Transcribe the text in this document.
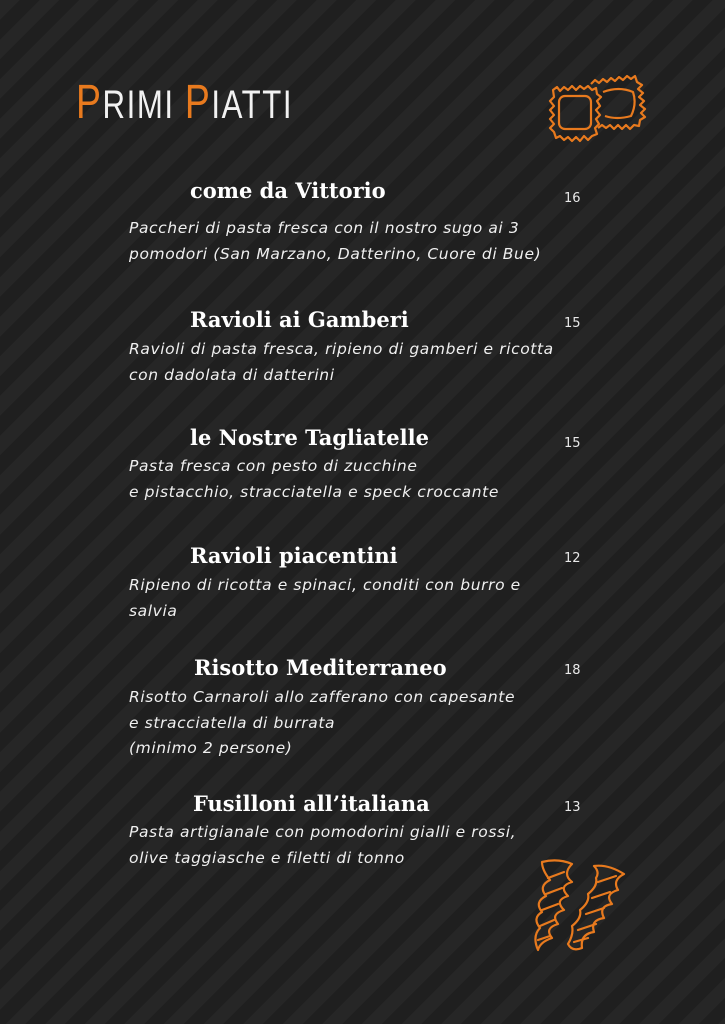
PRIMI PIATTI
come da Vittorio	16

Paccheri di pasta fresca con il nostro sugo ai 3 pomodori (San Marzano, Datterino, Cuore di Bue)

Ravioli ai Gamberi	15

Ravioli di pasta fresca, ripieno di gamberi e ricotta con dadolata di datterini

le Nostre Tagliatelle	15

Pasta fresca con pesto di zucchine
e pistacchio, stracciatella e speck croccante

Ravioli piacentini	12

Ripieno di ricotta e spinaci, conditi con burro e salvia

Risotto Mediterraneo	18

Risotto Carnaroli allo zafferano con capesante
e stracciatella di burrata
(minimo 2 persone)

Fusilloni all’italiana	13

Pasta artigianale con pomodorini gialli e rossi, olive taggiasche e filetti di tonno
